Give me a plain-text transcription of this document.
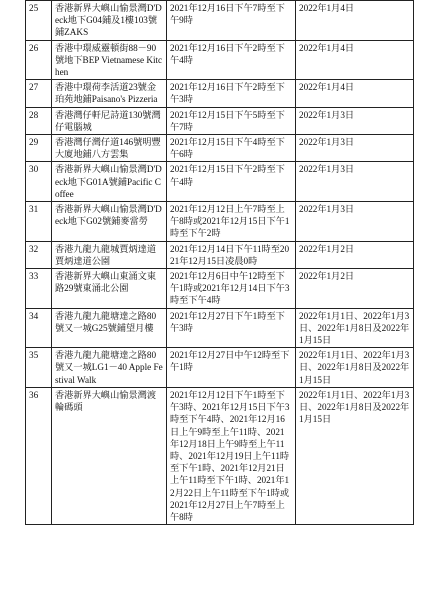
25	香港新界大嶼山愉景灣D'Deck地下G04鋪及1樓103號鋪ZAKS	2021年12月16日下午7時至下午9時	2022年1月4日
26	香港中環威靈頓街88－90號地下BEP Vietnamese Kitchen	2021年12月16日下午2時至下午4時	2022年1月4日
27	香港中環荷李活道23號金珀苑地鋪Paisano's Pizzeria	2021年12月16日下午2時至下午3時	2022年1月4日
28	香港灣仔軒尼詩道130號灣仔電腦城	2021年12月15日下午5時至下午7時	2022年1月3日
29	香港灣仔灣仔道146號明豐大廈地鋪八方雲集	2021年12月15日下午4時至下午6時	2022年1月3日
30	香港新界大嶼山愉景灣D'Deck地下G01A號鋪Pacific Coffee	2021年12月15日下午2時至下午4時	2022年1月3日
31	香港新界大嶼山愉景灣D'Deck地下G02號鋪麥當勞	2021年12月12日上午7時至上午8時或2021年12月15日下午1時至下午2時	2022年1月3日
32	香港九龍九龍城賈炳達道賈炳達道公園	2021年12月14日下午11時至2021年12月15日凌晨0時	2022年1月2日
33	香港新界大嶼山東涌文東路29號東涌北公園	2021年12月6日中午12時至下午1時或2021年12月14日下午3時至下午4時	2022年1月2日
34	香港九龍九龍塘達之路80號又一城G25號鋪望月樓	2021年12月27日下午1時至下午3時	2022年1月1日、2022年1月3日、2022年1月8日及2022年1月15日
35	香港九龍九龍塘達之路80號又一城LG1－40 Apple Festival Walk	2021年12月27日中午12時至下午1時	2022年1月1日、2022年1月3日、2022年1月8日及2022年1月15日
36	香港新界大嶼山愉景灣渡輪碼頭	2021年12月12日下午1時至下午3時、2021年12月15日下午3時至下午4時、2021年12月16日上午9時至上午11時、2021年12月18日上午9時至上午11時、2021年12月19日上午11時至下午1時、2021年12月21日上午11時至下午1時、2021年12月22日上午11時至下午1時或2021年12月27日上午7時至上午8時	2022年1月1日、2022年1月3日、2022年1月8日及2022年1月15日
